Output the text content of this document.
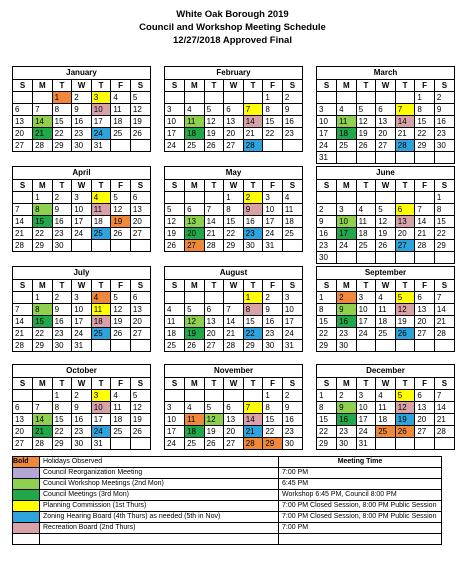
White Oak Borough 2019
Council and Workshop Meeting Schedule
12/27/2018 Approved Final
January
S	M	T	W	T	F	S
		1	2	3	4	5
6	7	8	9	10	11	12
13	14	15	16	17	18	19
20	21	22	23	24	25	26
27	28	29	30	31		
February
S	M	T	W	T	F	S
					1	2
3	4	5	6	7	8	9
10	11	12	13	14	15	16
17	18	19	20	21	22	23
24	25	26	27	28		
March
S	M	T	W	T	F	S
					1	2
3	4	5	6	7	8	9
10	11	12	13	14	15	16
17	18	19	20	21	22	23
24	25	26	27	28	29	30
31						
April
S	M	T	W	T	F	S
	1	2	3	4	5	6
7	8	9	10	11	12	13
14	15	16	17	18	19	20
21	22	23	24	25	26	27
28	29	30				
May
S	M	T	W	T	F	S
			1	2	3	4
5	6	7	8	9	10	11
12	13	14	15	16	17	18
19	20	21	22	23	24	25
26	27	28	29	30	31	
June
S	M	T	W	T	F	S
						1
2	3	4	5	6	7	8
9	10	11	12	13	14	15
16	17	18	19	20	21	22
23	24	25	26	27	28	29
30						
July
S	M	T	W	T	F	S
	1	2	3	4	5	6
7	8	9	10	11	12	13
14	15	16	17	18	19	20
21	22	23	24	25	26	27
28	29	30	31			
August
S	M	T	W	T	F	S
				1	2	3
4	5	6	7	8	9	10
11	12	13	14	15	16	17
18	19	20	21	22	23	24
25	26	27	28	29	30	31
September
S	M	T	W	T	F	S
1	2	3	4	5	6	7
8	9	10	11	12	13	14
15	16	17	18	19	20	21
22	23	24	25	26	27	28
29	30					
October
S	M	T	W	T	F	S
		1	2	3	4	5
6	7	8	9	10	11	12
13	14	15	16	17	18	19
20	21	22	23	24	25	26
27	28	29	30	31		
November
S	M	T	W	T	F	S
					1	2
3	4	5	6	7	8	9
10	11	12	13	14	15	16
17	18	19	20	21	22	23
24	25	26	27	28	29	30
December
S	M	T	W	T	F	S
1	2	3	4	5	6	7
8	9	10	11	12	13	14
15	16	17	18	19	20	21
22	23	24	25	26	27	28
29	30	31				
Bold	Holidays Observed	Meeting Time
	Council Reorganization Meeting	7:00 PM
	Council Workshop Meetings (2nd Mon)	6:45 PM
	Council Meetings (3rd Mon)	Workshop 6:45 PM, Council 8:00 PM
	Planning Commission (1st Thurs)	7:00 PM Closed Session, 8:00 PM Public Session
	Zoning Hearing Board (4th Thurs) as needed (5th in Nov)	7:00 PM Closed Session, 8:00 PM Public Session
	Recreation Board (2nd Thurs)	7:00 PM
